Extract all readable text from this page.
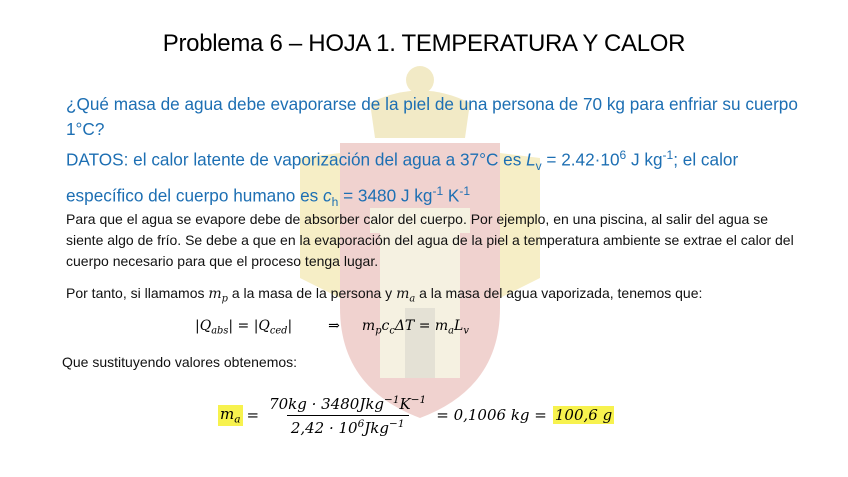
Problema 6 – HOJA 1. TEMPERATURA Y CALOR
¿Qué masa de agua debe evaporarse de la piel de una persona de 70 kg para enfriar su cuerpo 1°C?
DATOS: el calor latente de vaporización del agua a 37°C es $L_v = 2.42\cdot 10^6$ J $kg^{-1}$; el calor específico del cuerpo humano es $c_h = 3480$ J $kg^{-1}$ $K^{-1}$
Para que el agua se evapore debe de absorber calor del cuerpo. Por ejemplo, en una piscina, al salir del agua se siente algo de frío. Se debe a que en la evaporación del agua de la piel a temperatura ambiente se extrae el calor del cuerpo necesario para que el proceso tenga lugar.
Por tanto, si llamamos $m_p$ a la masa de la persona y $m_a$ a la masa del agua vaporizada, tenemos que:
$|Q_{abs}| = |Q_{ced}|$	⇒ $m_pc_c\Delta T = m_aL_v$
Que sustituyendo valores obtenemos:
$m_a = \frac{70kg \cdot 3480Jkg^{-1}K^{-1}}{2,42 \cdot 10^6Jkg^{-1}} = 0,1006$ kg = 100,6 g
